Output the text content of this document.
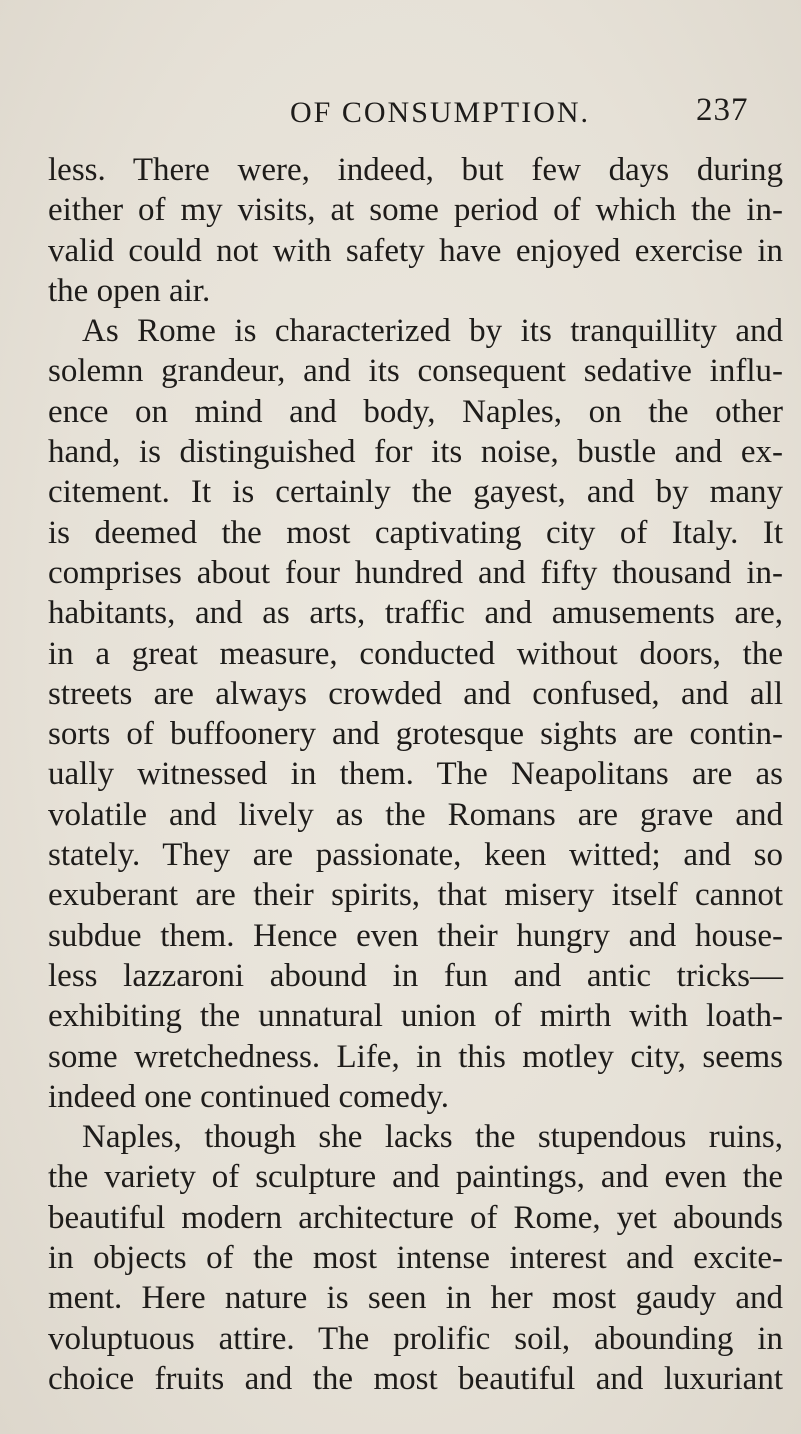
OF CONSUMPTION.	237
less. There were, indeed, but few days during
either of my visits, at some period of which the in-
valid could not with safety have enjoyed exercise in
the open air.
As Rome is characterized by its tranquillity and
solemn grandeur, and its consequent sedative influ-
ence on mind and body, Naples, on the other
hand, is distinguished for its noise, bustle and ex-
citement. It is certainly the gayest, and by many
is deemed the most captivating city of Italy. It
comprises about four hundred and fifty thousand in-
habitants, and as arts, traffic and amusements are,
in a great measure, conducted without doors, the
streets are always crowded and confused, and all
sorts of buffoonery and grotesque sights are contin-
ually witnessed in them. The Neapolitans are as
volatile and lively as the Romans are grave and
stately. They are passionate, keen witted; and so
exuberant are their spirits, that misery itself cannot
subdue them. Hence even their hungry and house-
less lazzaroni abound in fun and antic tricks—
exhibiting the unnatural union of mirth with loath-
some wretchedness. Life, in this motley city, seems
indeed one continued comedy.
Naples, though she lacks the stupendous ruins,
the variety of sculpture and paintings, and even the
beautiful modern architecture of Rome, yet abounds
in objects of the most intense interest and excite-
ment. Here nature is seen in her most gaudy and
voluptuous attire. The prolific soil, abounding in
choice fruits and the most beautiful and luxuriant
